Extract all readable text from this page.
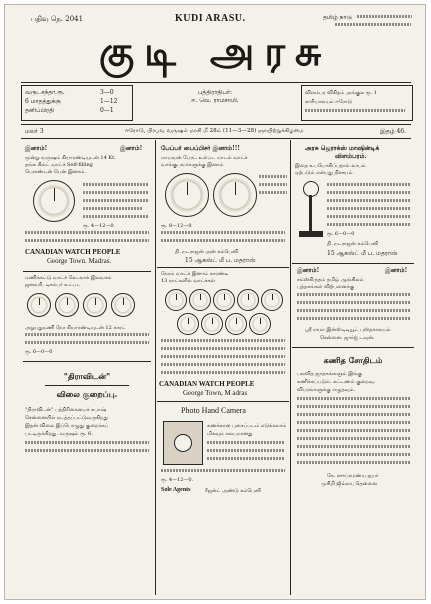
பதிவு நெ. 2041	KUDI ARASU.	தமிழ் நாடு
குடி அரசு
வருடசந்தா ரூ.	3—0
6 மாதத்துக்கு	1—12
தனிப்பிரதி	0—1
பத்திராதிபர்:
ஈ. வெ. ராமசாமி.
விளம்பர விகிதம் அங்குல ரூ. 1
காரியாலயம் ஈரோடு
மலர் 3	ஈரோடு, பிரபவ வருஷம் மாசி மீ 28ம் (11—3—28) ஞாயிற்றுக்கிழமை	இதழ் 46.
இனாம்!	இனாம்!
மூன்று வருஷம் கியாரண்டியுடன் 14 Kt.
தங்க கில்ட் வாட்ச் Self-filling
பெளண்டன் பென் இனாம்.
ரூ. 4—12—0
CANADIAN WATCH PEOPLE
George Town. Madras.
மணிக்கட்டு வாட்ச் கேடலாக் இலவசம்
ஜனவரி, டிசம்பர் உட்பட
அறுபதுமணி நேர கியாரண்டியுடன் 12 காரட்
ரூ. 6—0—0
"திராவிடன்"
விலை குறைப்பு.
"திராவிடன்" பத்திரிகையைச் சுபாஷ்
சென்னையில் நடத்தப்பட்டுவருகிறது
இதன் விலை இப்பொழுது குறைக்கப்
பட்டிருக்கிறது. வருஷம் ரூ. 6.
பேப்பர் பைப்பிசர் இனாம்!!!
மாயவன் பேரட் உள்பட மாடல் வாட்ச்
வாங்குபவர்களுக்கு இனாம்
ரூ. 8—12—0
தி. நடராஜன் அன் கம்பெனி
15 ஆகஸ்ட் மீ ப. மதராஸ்
நேரம் வாட்ச் இனாம் காரண்டீ
13 நாட்களில் வாட்ச்கள்
CANADIAN WATCH PEOPLE
George Town, M adras
Photo Hand Camera
கணக்கான புகைப்படம் எடுக்கலாம்
மிகவும் சுலபமானது
ரூ. 4—12—0.
Sole Agents	ரீஜன்ட் அண்டு கம்பெனி
அரசு ஜெராக்ஸ் மாஷின்டிக்
விளம்பரம்.
இதை உபயோகிப்பதால் லாபம்
ஏற்படும் என்பது நிச்சயம்
ரூ. 6—0—0
தி. நடராஜன் கம்பெனி
15 ஆகஸ்ட் மீ ப. மதராஸ்
இனாம்!	இனாம்!
சம்ஸ்கிருதம் தமிழ் ஆங்கிலம்
புத்தகங்கள் விற்பனைக்கு
ஸ்ரீ ராமா இன்ஸ்டிடியூட் புஸ்தகாலயம்
சென்னை. ஜார்ஜ் டவுன்.
கணித சோதிடம்
பலவித ஜாதகங்களும் இங்கு
கணிக்கப்படும். கட்டணம் குறைவு.
விபரங்களுக்கு எழுதவும்.
கே. ஸுப்ரமண்ய ஐயர்
முசிறி ஜில்லா, தென்னை
